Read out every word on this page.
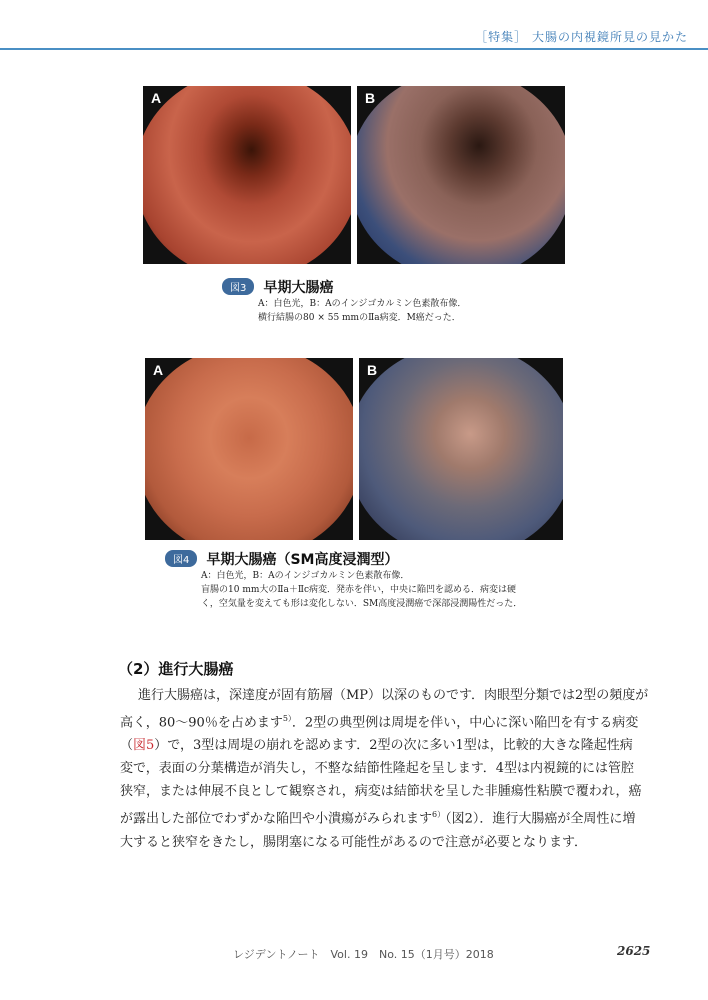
［特集］ 大腸の内視鏡所見の見かた
A	B
図3 早期大腸癌
A：白色光，B：Aのインジゴカルミン色素散布像．
横行結腸の80 × 55 mmのⅡa病変．M癌だった．
A	B
図4 早期大腸癌（SM高度浸潤型）
A：白色光，B：Aのインジゴカルミン色素散布像．
盲腸の10 mm大のⅡa＋Ⅱc病変．発赤を伴い，中央に陥凹を認める．病変は硬
く，空気量を変えても形は変化しない．SM高度浸潤癌で深部浸潤陽性だった．
（2）進行大腸癌
進行大腸癌は，深達度が固有筋層（MP）以深のものです．肉眼型分類では2型の頻度が
高く，80～90％を占めます$^{5)}$．2型の典型例は周堤を伴い，中心に深い陥凹を有する病変
（図5）で，3型は周堤の崩れを認めます．2型の次に多い1型は，比較的大きな隆起性病
変で，表面の分葉構造が消失し，不整な結節性隆起を呈します．4型は内視鏡的には管腔
狭窄，または伸展不良として観察され，病変は結節状を呈した非腫瘍性粘膜で覆われ，癌
が露出した部位でわずかな陥凹や小潰瘍がみられます$^{6)}$（図2）．進行大腸癌が全周性に増
大すると狭窄をきたし，腸閉塞になる可能性があるので注意が必要となります．
レジデントノート　Vol. 19　No. 15（1月号）2018	2625
